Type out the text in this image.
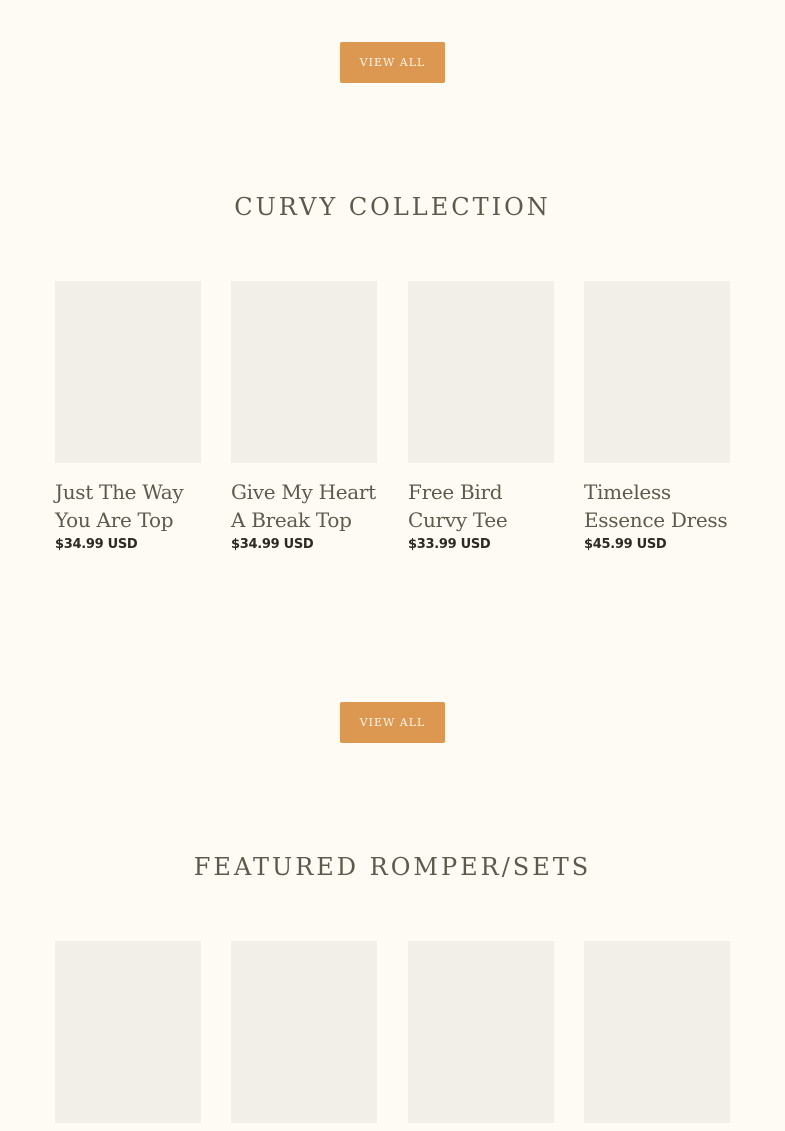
VIEW ALL
CURVY COLLECTION
Just The Way You Are Top
$34.99 USD
Give My Heart A Break Top
$34.99 USD
Free Bird Curvy Tee
$33.99 USD
Timeless Essence Dress
$45.99 USD
VIEW ALL
FEATURED ROMPER/SETS
